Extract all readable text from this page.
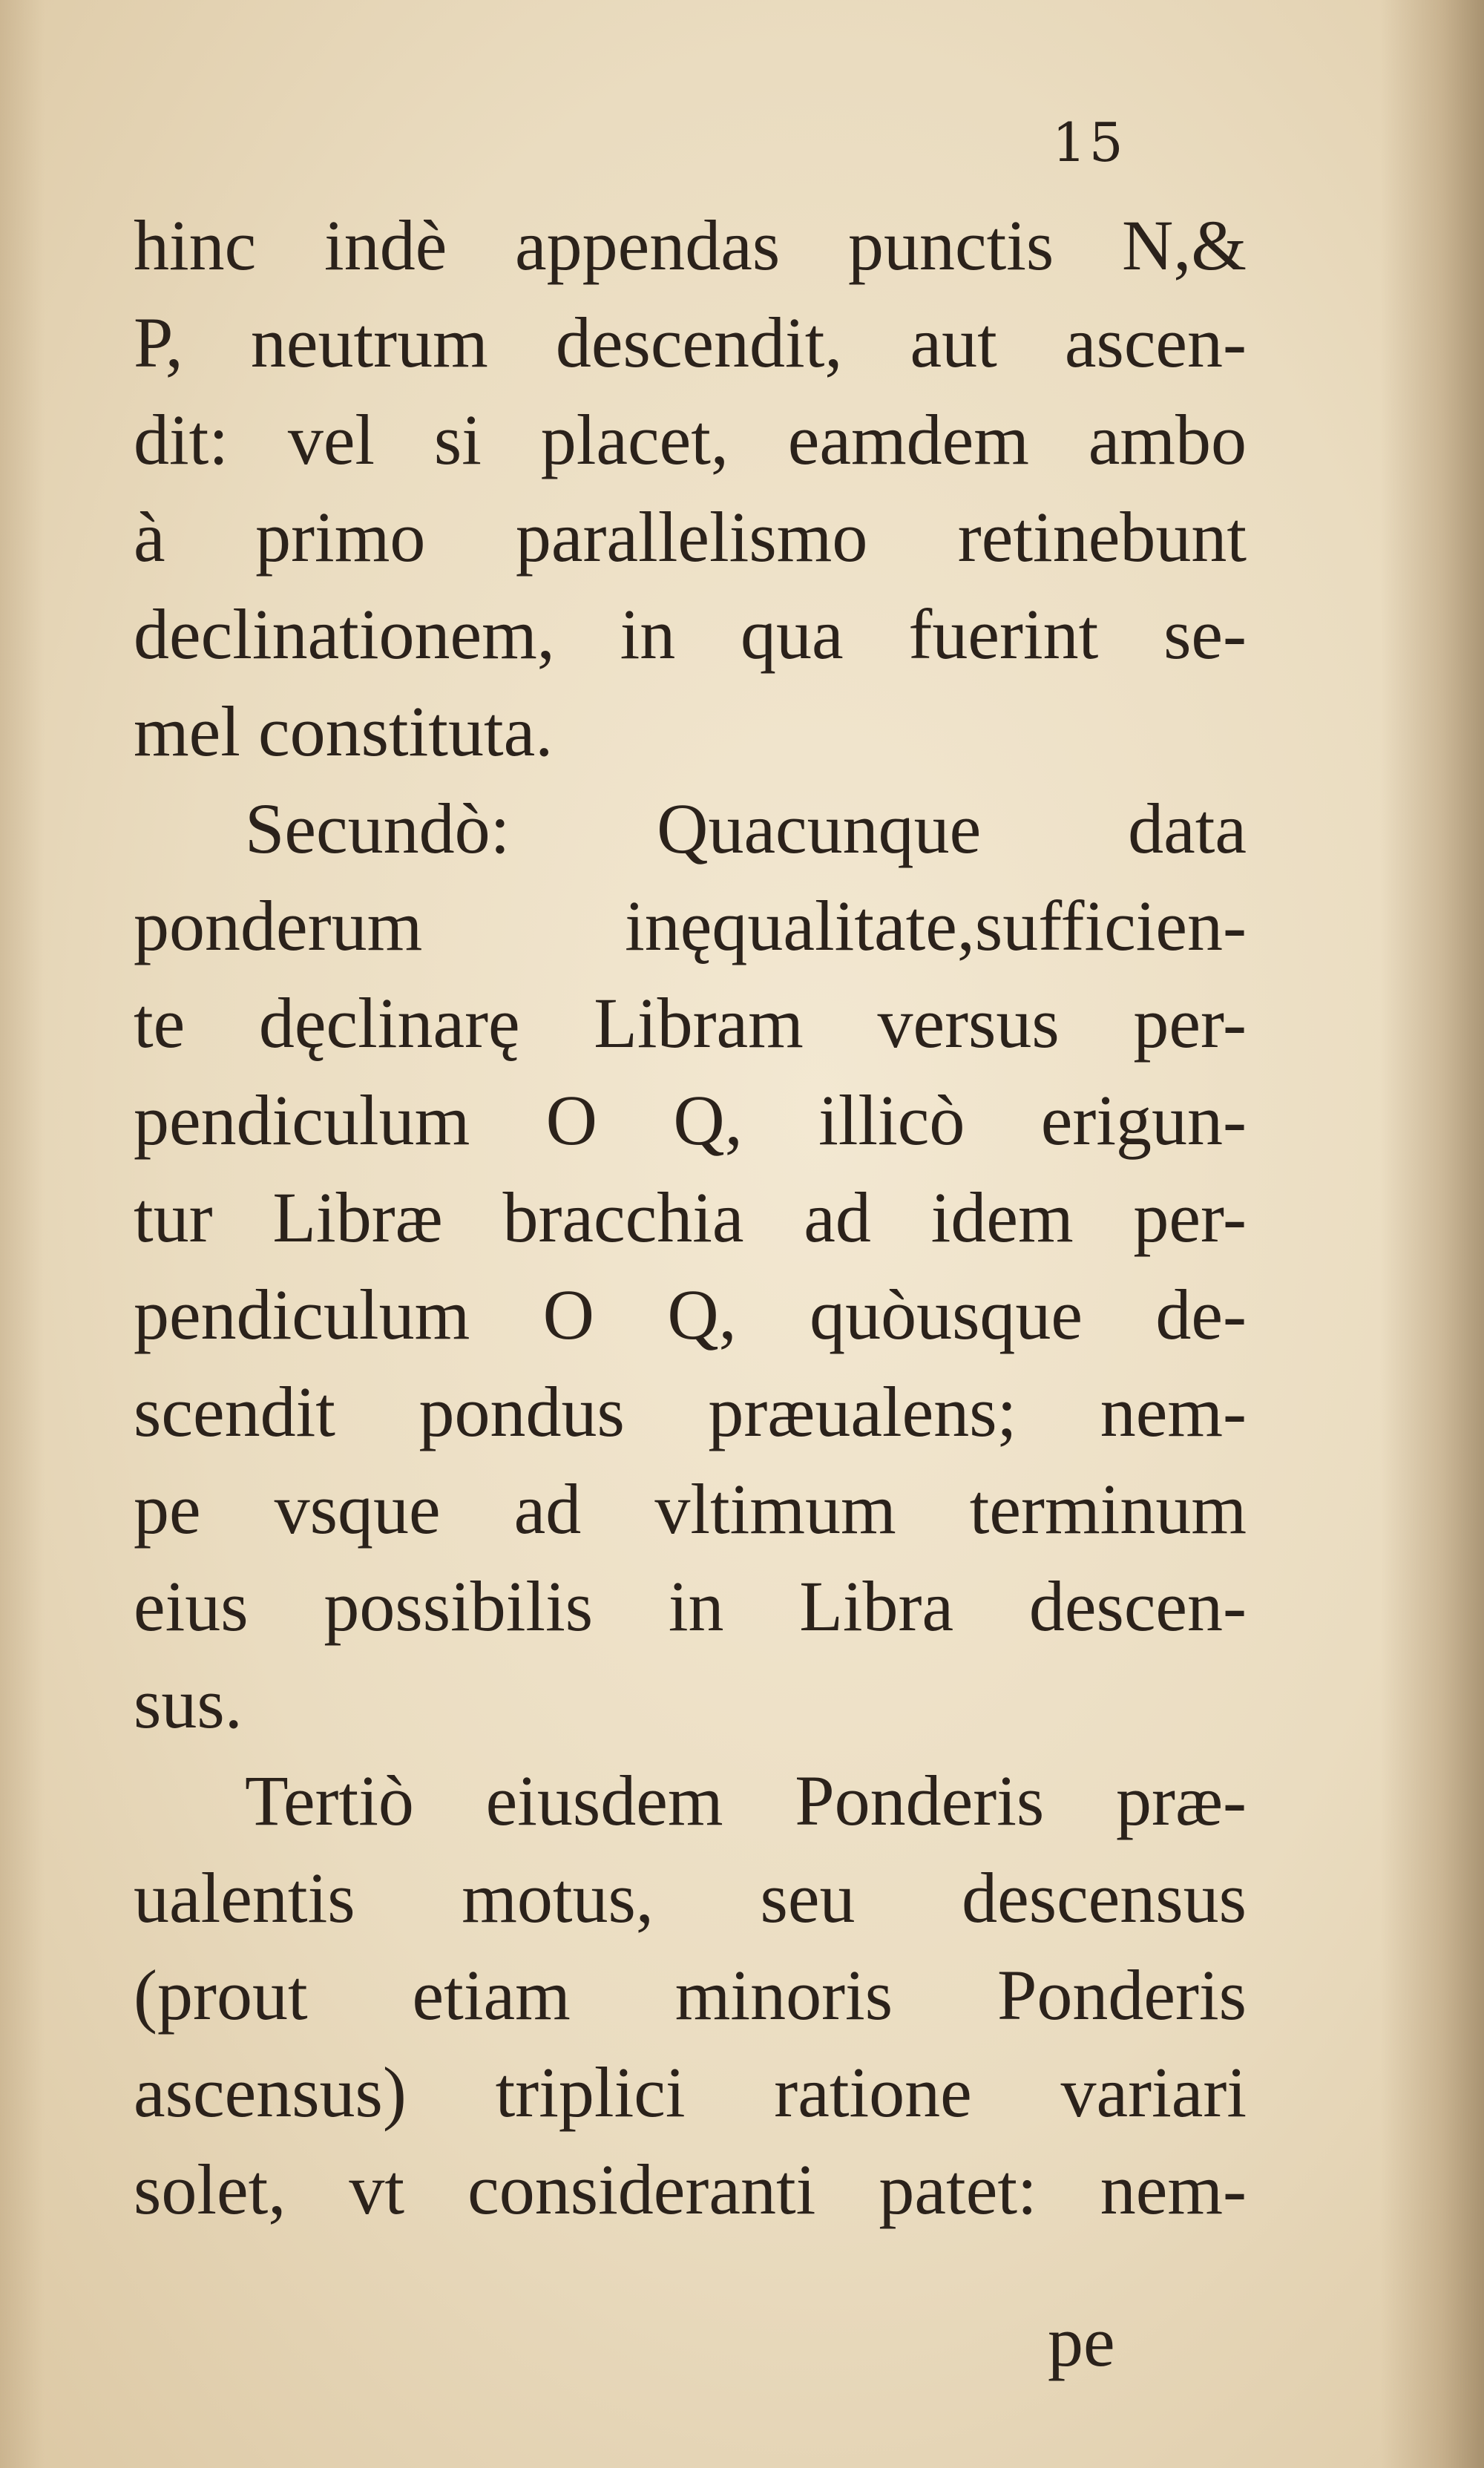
15
hinc indè appendas punctis N,&
P, neutrum descendit, aut ascen-
dit: vel si placet, eamdem ambo
à primo parallelismo retinebunt
declinationem, in qua fuerint se-
mel constituta.
Secundò: Quacunque data
ponderum inęqualitate,sufficien-
te dęclinarę Libram versus per-
pendiculum O Q, illicò erigun-
tur Libræ bracchia ad idem per-
pendiculum O Q, quòusque de-
scendit pondus præualens; nem-
pe vsque ad vltimum terminum
eius possibilis in Libra descen-
sus.
Tertiò eiusdem Ponderis præ-
ualentis motus, seu descensus
(prout etiam minoris Ponderis
ascensus) triplici ratione variari
solet, vt consideranti patet: nem-
pe
